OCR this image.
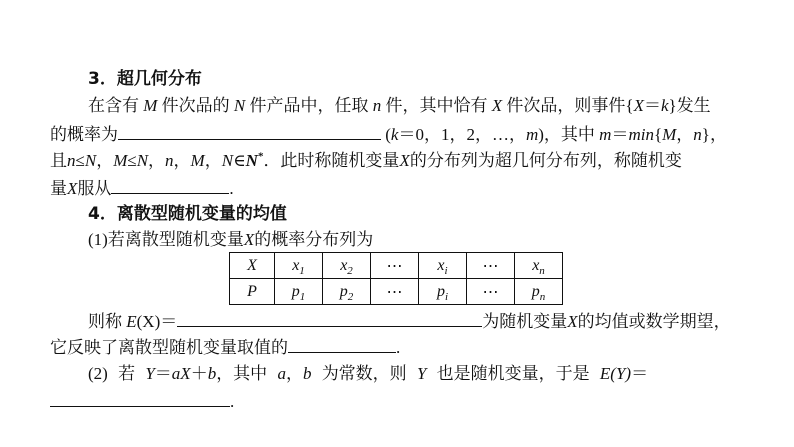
3．超几何分布
在含有 M 件次品的 N 件产品中，任取 n 件，其中恰有 X 件次品，则事件{X＝k}发生
的概率为	(k＝0，1，2，…，m)，其中 m＝min{M，n}，
且n≤N，M≤N，n，M，N∈N*．此时称随机变量X的分布列为超几何分布列，称随机变
量X服从	.
4．离散型随机变量的均值
(1)若离散型随机变量X的概率分布列为
X	$x_1$	$x_2$	⋯	$x_i$	⋯	$x_n$
P	$p_1$	$p_2$	⋯	$p_i$	⋯	$p_n$
则称 E(X)＝	为随机变量X的均值或数学期望，
它反映了离散型随机变量取值的	.
(2) 若 Y＝aX＋b，其中 a，b 为常数，则 Y 也是随机变量，于是 E(Y)＝
.
